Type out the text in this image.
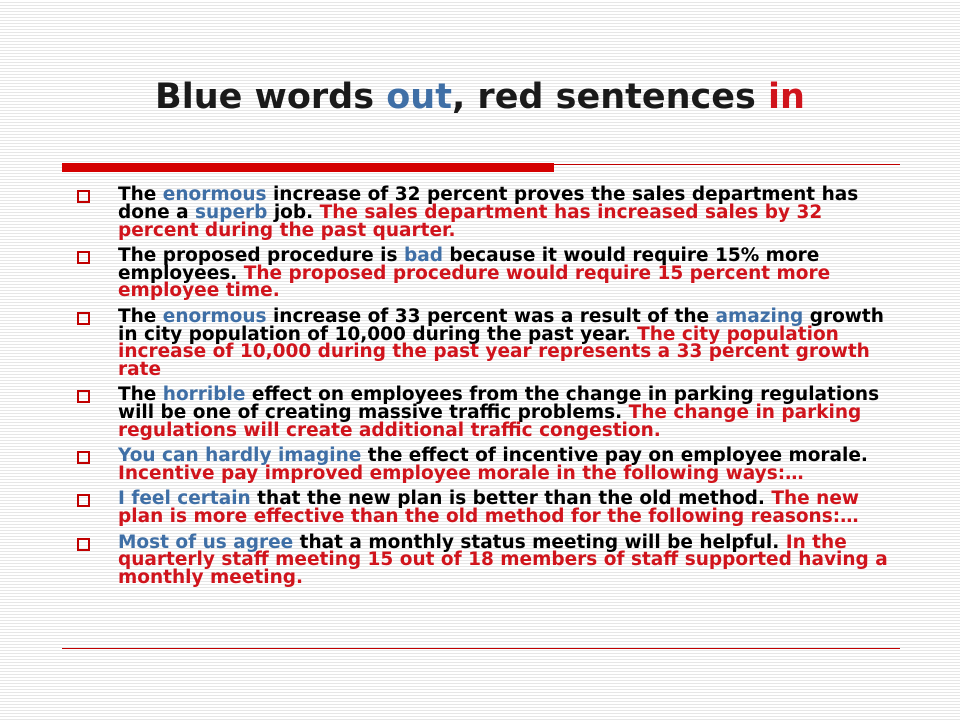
Blue words out, red sentences in
The enormous increase of 32 percent proves the sales department has done a superb job. The sales department has increased sales by 32 percent during the past quarter.
The proposed procedure is bad because it would require 15% more employees. The proposed procedure would require 15 percent more employee time.
The enormous increase of 33 percent was a result of the amazing growth in city population of 10,000 during the past year. The city population increase of 10,000 during the past year represents a 33 percent growth rate
The horrible effect on employees from the change in parking regulations will be one of creating massive traffic problems. The change in parking regulations will create additional traffic congestion.
You can hardly imagine the effect of incentive pay on employee morale. Incentive pay improved employee morale in the following ways:…
I feel certain that the new plan is better than the old method. The new plan is more effective than the old method for the following reasons:…
Most of us agree that a monthly status meeting will be helpful. In the quarterly staff meeting 15 out of 18 members of staff supported having a monthly meeting.
